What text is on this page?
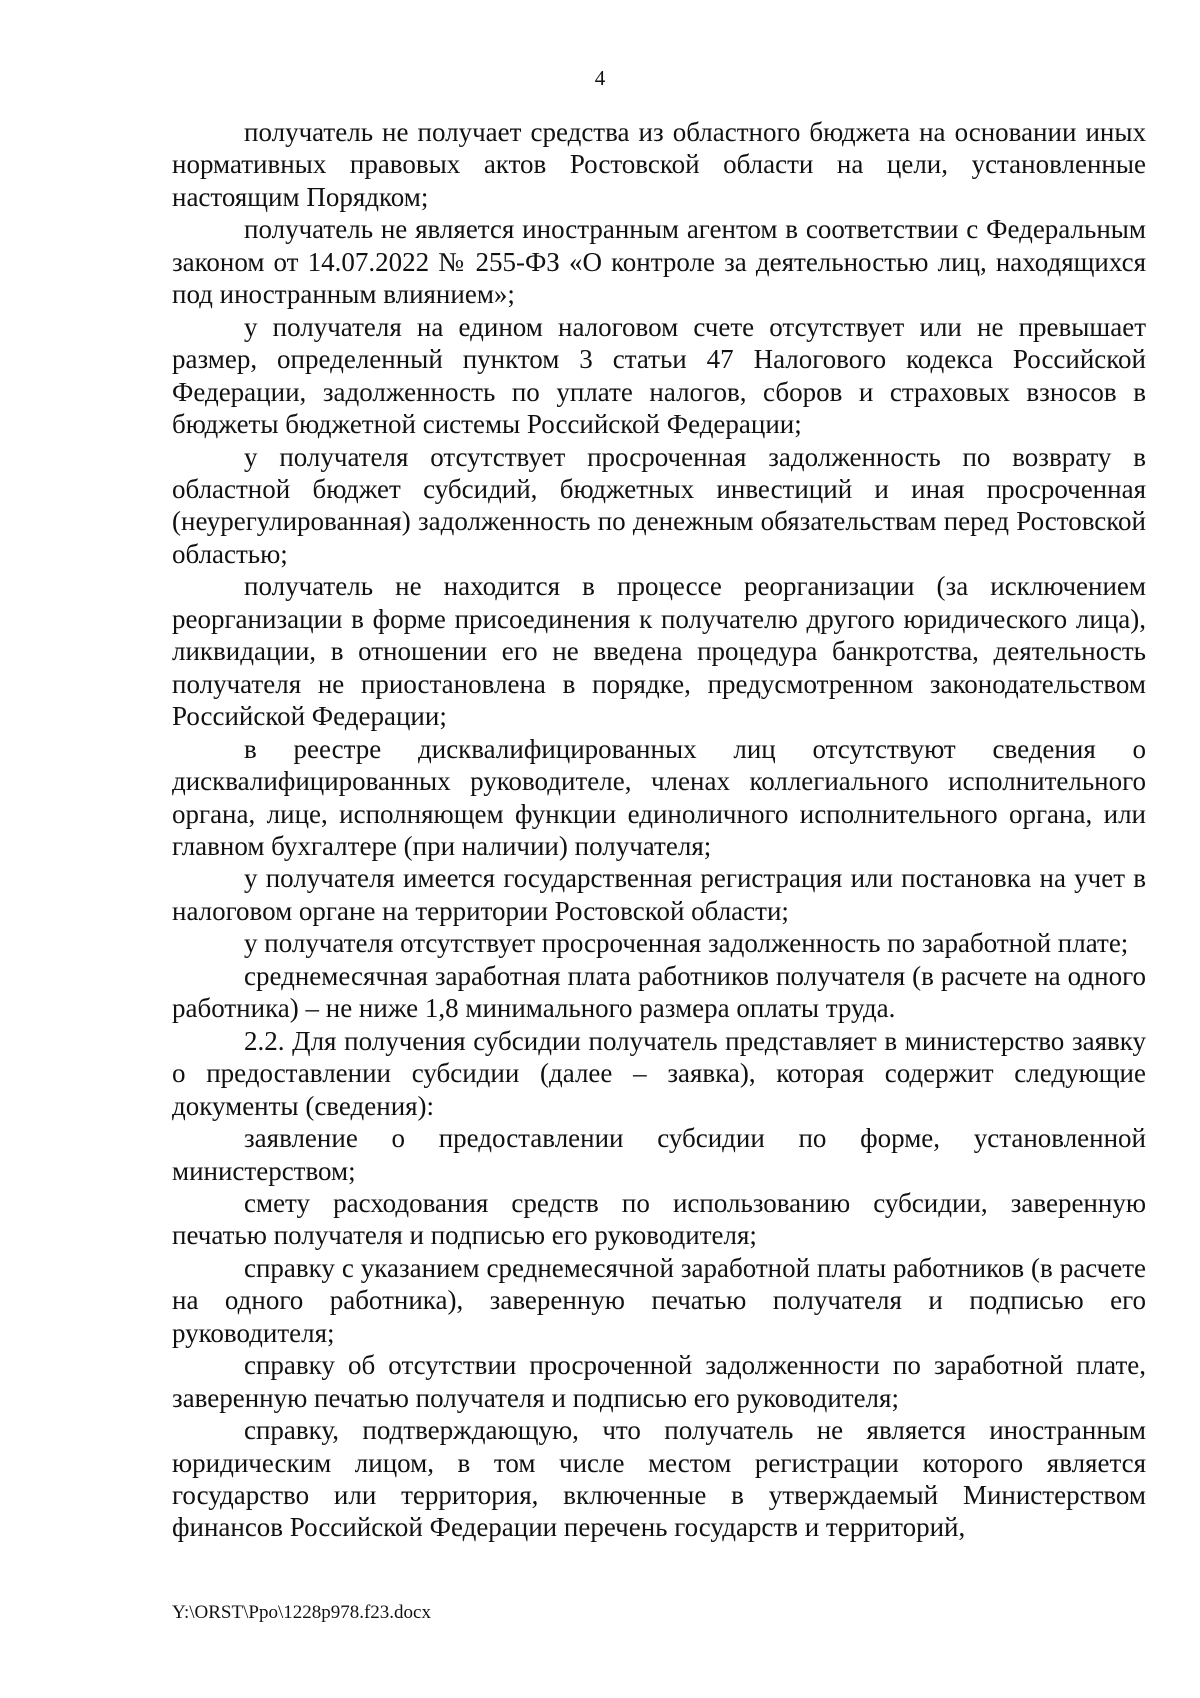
4

получатель не получает средства из областного бюджета на основании иных нормативных правовых актов Ростовской области на цели, установленные настоящим Порядком;

получатель не является иностранным агентом в соответствии с Федеральным законом от 14.07.2022 № 255-ФЗ «О контроле за деятельностью лиц, находящихся под иностранным влиянием»;

у получателя на едином налоговом счете отсутствует или не превышает размер, определенный пунктом 3 статьи 47 Налогового кодекса Российской Федерации, задолженность по уплате налогов, сборов и страховых взносов в бюджеты бюджетной системы Российской Федерации;

у получателя отсутствует просроченная задолженность по возврату в областной бюджет субсидий, бюджетных инвестиций и иная просроченная (неурегулированная) задолженность по денежным обязательствам перед Ростовской областью;

получатель не находится в процессе реорганизации (за исключением реорганизации в форме присоединения к получателю другого юридического лица), ликвидации, в отношении его не введена процедура банкротства, деятельность получателя не приостановлена в порядке, предусмотренном законодательством Российской Федерации;

в реестре дисквалифицированных лиц отсутствуют сведения о дисквалифицированных руководителе, членах коллегиального исполнительного органа, лице, исполняющем функции единоличного исполнительного органа, или главном бухгалтере (при наличии) получателя;

у получателя имеется государственная регистрация или постановка на учет в налоговом органе на территории Ростовской области;

у получателя отсутствует просроченная задолженность по заработной плате;

среднемесячная заработная плата работников получателя (в расчете на одного работника) – не ниже 1,8 минимального размера оплаты труда.

2.2. Для получения субсидии получатель представляет в министерство заявку о предоставлении субсидии (далее – заявка), которая содержит следующие документы (сведения):

заявление о предоставлении субсидии по форме, установленной министерством;

смету расходования средств по использованию субсидии, заверенную печатью получателя и подписью его руководителя;

справку с указанием среднемесячной заработной платы работников (в расчете на одного работника), заверенную печатью получателя и подписью его руководителя;

справку об отсутствии просроченной задолженности по заработной плате, заверенную печатью получателя и подписью его руководителя;

справку, подтверждающую, что получатель не является иностранным юридическим лицом, в том числе местом регистрации которого является государство или территория, включенные в утверждаемый Министерством финансов Российской Федерации перечень государств и территорий,

Y:\ORST\Ppo\1228p978.f23.docx
